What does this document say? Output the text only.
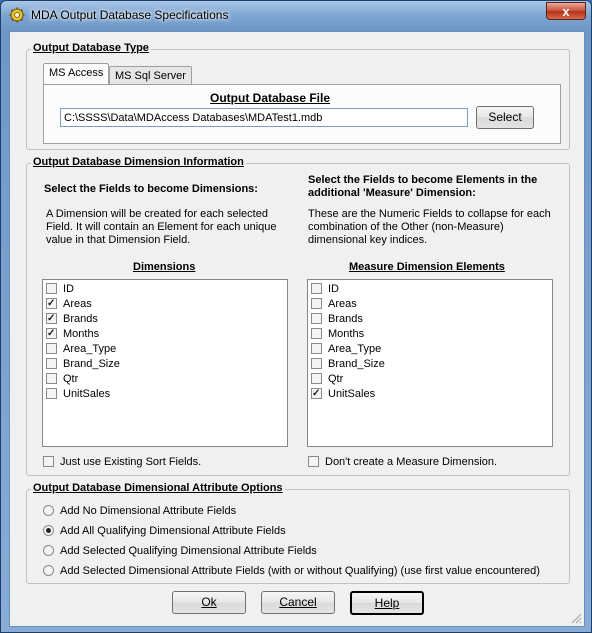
MDA Output Database Specifications	x
Output Database Type
MS Access	MS Sql Server
Output Database File
C:\SSSS\Data\MDAccess Databases\MDATest1.mdb
Select
Output Database Dimension Information
Select the Fields to become Dimensions:
A Dimension will be created for each selected Field. It will contain an Element for each unique value in that Dimension Field.
Select the Fields to become Elements in the additional 'Measure' Dimension:
These are the Numeric Fields to collapse for each combination of the Other (non-Measure) dimensional key indices.
Dimensions	Measure Dimension Elements
ID
✓Areas
✓Brands
✓Months
Area_Type
Brand_Size
Qtr
UnitSales
ID
Areas
Brands
Months
Area_Type
Brand_Size
Qtr
✓UnitSales
Just use Existing Sort Fields.	Don't create a Measure Dimension.
Output Database Dimensional Attribute Options
Add No Dimensional Attribute Fields
Add All Qualifying Dimensional Attribute Fields
Add Selected Qualifying Dimensional Attribute Fields
Add Selected Dimensional Attribute Fields (with or without Qualifying) (use first value encountered)
Ok	Cancel	Help
